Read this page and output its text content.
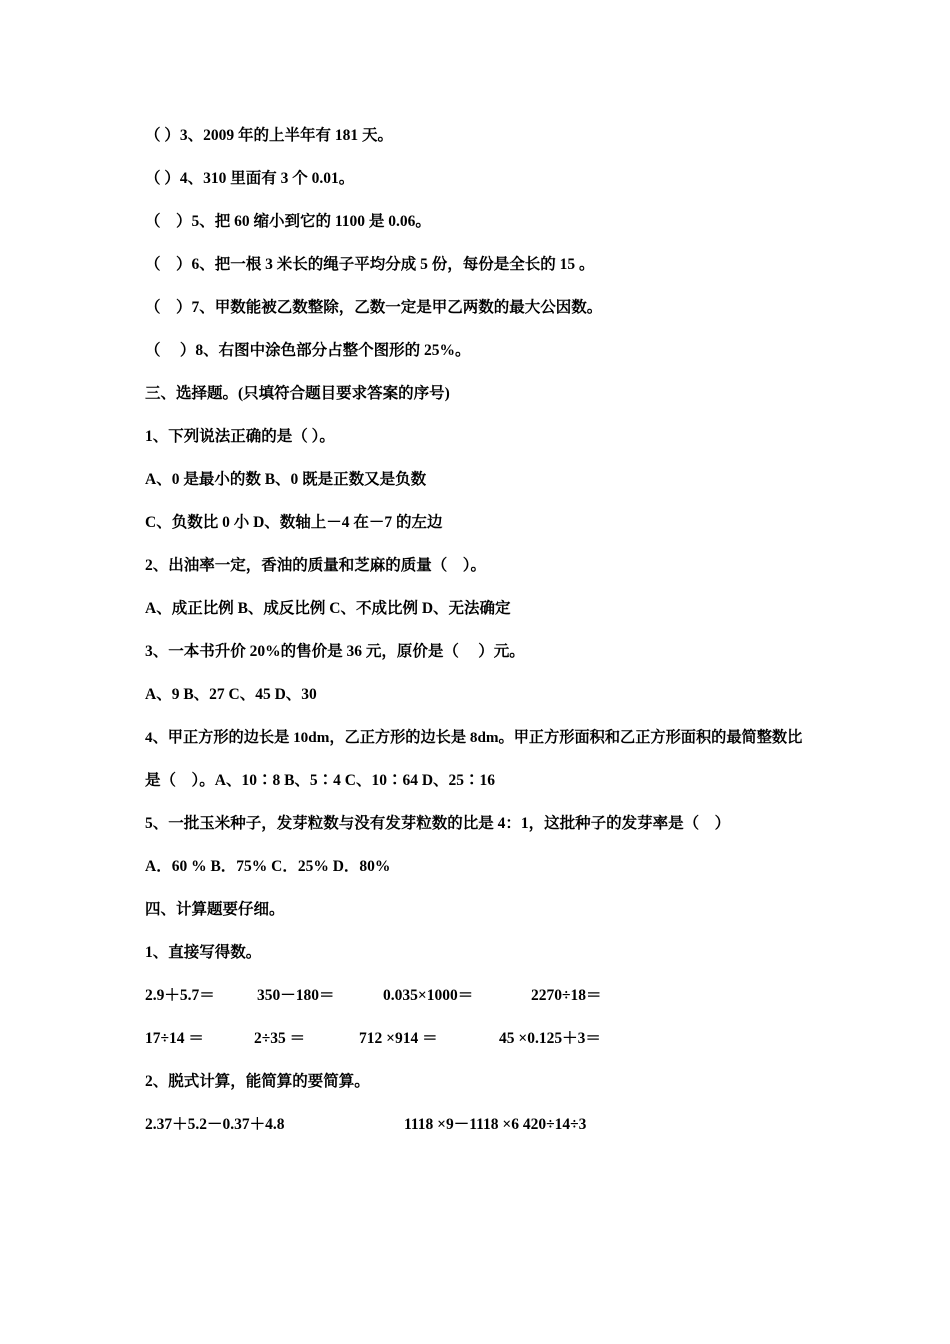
（ ）3、2009 年的上半年有 181 天。
（ ）4、310 里面有 3 个 0.01。
（　）5、把 60 缩小到它的 1100 是 0.06。
（　）6、把一根 3 米长的绳子平均分成 5 份，每份是全长的 15 。
（　）7、甲数能被乙数整除，乙数一定是甲乙两数的最大公因数。
（　 ）8、右图中涂色部分占整个图形的 25%。
三、选择题。(只填符合题目要求答案的序号)
1、下列说法正确的是（ ）。
A、0 是最小的数 B、0 既是正数又是负数
C、负数比 0 小 D、数轴上－4 在－7 的左边
2、出油率一定，香油的质量和芝麻的质量（　）。
A、成正比例 B、成反比例 C、不成比例 D、无法确定
3、一本书升价 20%的售价是 36 元，原价是（　 ）元。
A、9 B、27 C、45 D、30
4、甲正方形的边长是 10dm，乙正方形的边长是 8dm。甲正方形面积和乙正方形面积的最简整数比
是（　）。A、10∶8 B、5∶4 C、10∶64 D、25∶16
5、一批玉米种子，发芽粒数与没有发芽粒数的比是 4：1，这批种子的发芽率是（　）
A．60 % B．75% C．25% D．80%
四、计算题要仔细。
1、直接写得数。
2.9＋5.7＝	350－180＝	0.035×1000＝	2270÷18＝
17÷14 ＝	2÷35 ＝	712 ×914 ＝	45 ×0.125＋3＝
2、脱式计算，能简算的要简算。
2.37＋5.2－0.37＋4.8	1118 ×9－1118 ×6 420÷14÷3
